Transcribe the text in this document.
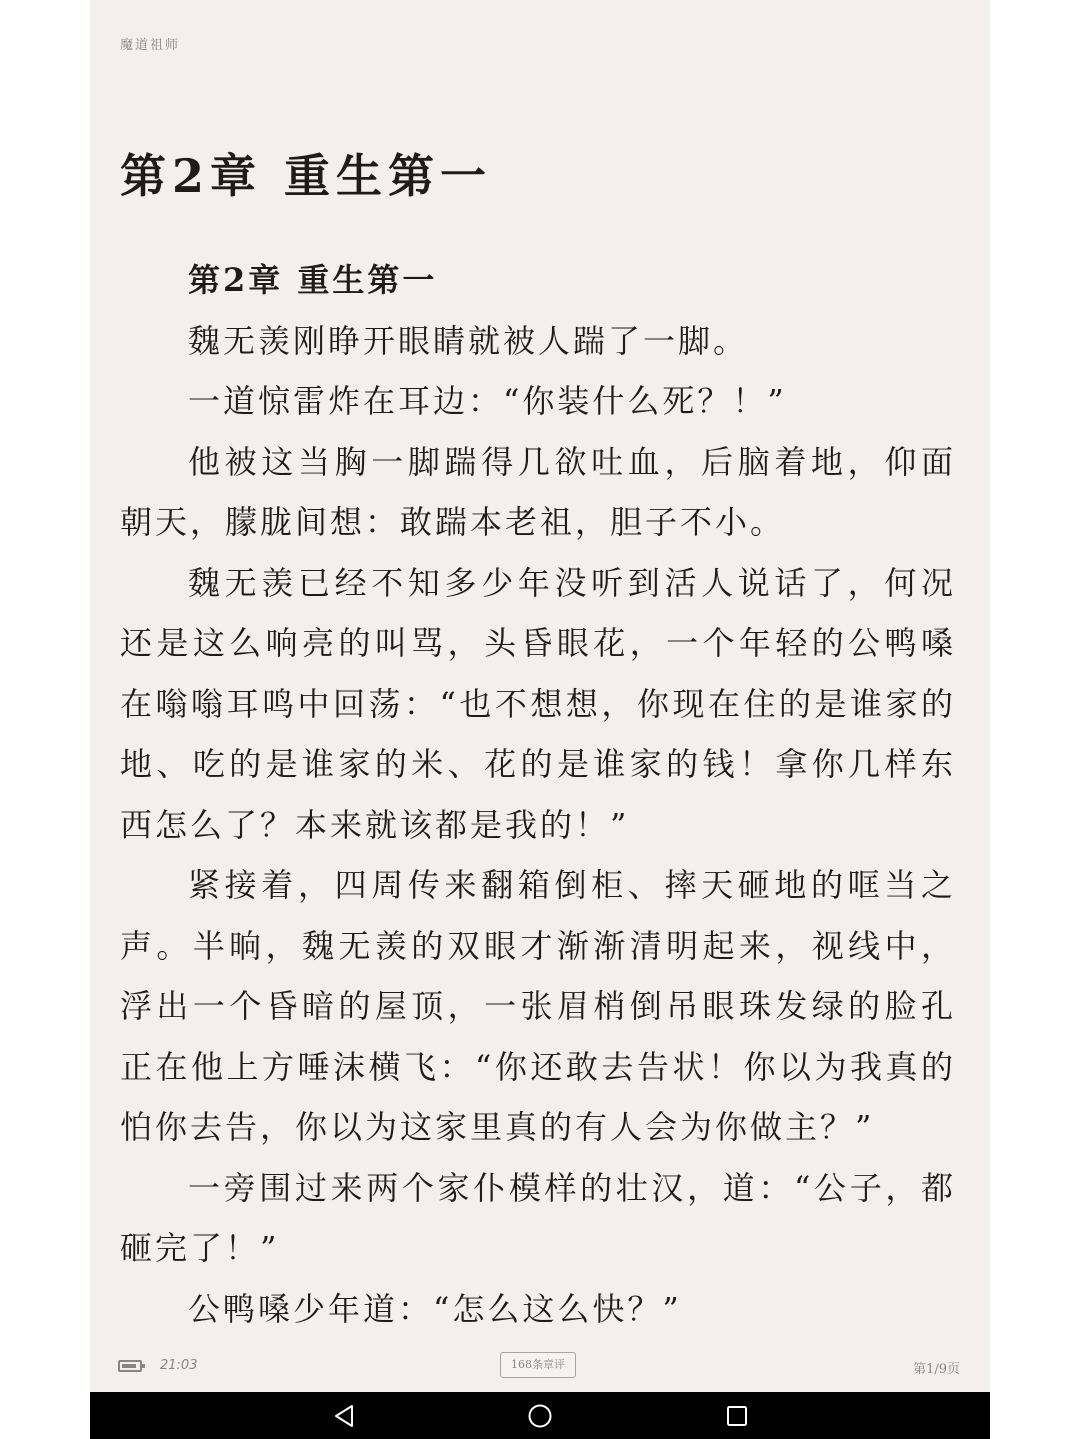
魔道祖师
第2章 重生第一

第2章 重生第一

魏无羡刚睁开眼睛就被人踹了一脚。

一道惊雷炸在耳边：“你装什么死？！”

他被这当胸一脚踹得几欲吐血，后脑着地，仰面朝天，朦胧间想：敢踹本老祖，胆子不小。

魏无羡已经不知多少年没听到活人说话了，何况还是这么响亮的叫骂，头昏眼花，一个年轻的公鸭嗓在嗡嗡耳鸣中回荡：“也不想想，你现在住的是谁家的地、吃的是谁家的米、花的是谁家的钱！拿你几样东西怎么了？本来就该都是我的！”

紧接着，四周传来翻箱倒柜、摔天砸地的哐当之声。半晌，魏无羡的双眼才渐渐清明起来，视线中，浮出一个昏暗的屋顶，一张眉梢倒吊眼珠发绿的脸孔正在他上方唾沫横飞：“你还敢去告状！你以为我真的怕你去告，你以为这家里真的有人会为你做主？”

一旁围过来两个家仆模样的壮汉，道：“公子，都砸完了！”

公鸭嗓少年道：“怎么这么快？”

21:03	168条章评	第1/9页
